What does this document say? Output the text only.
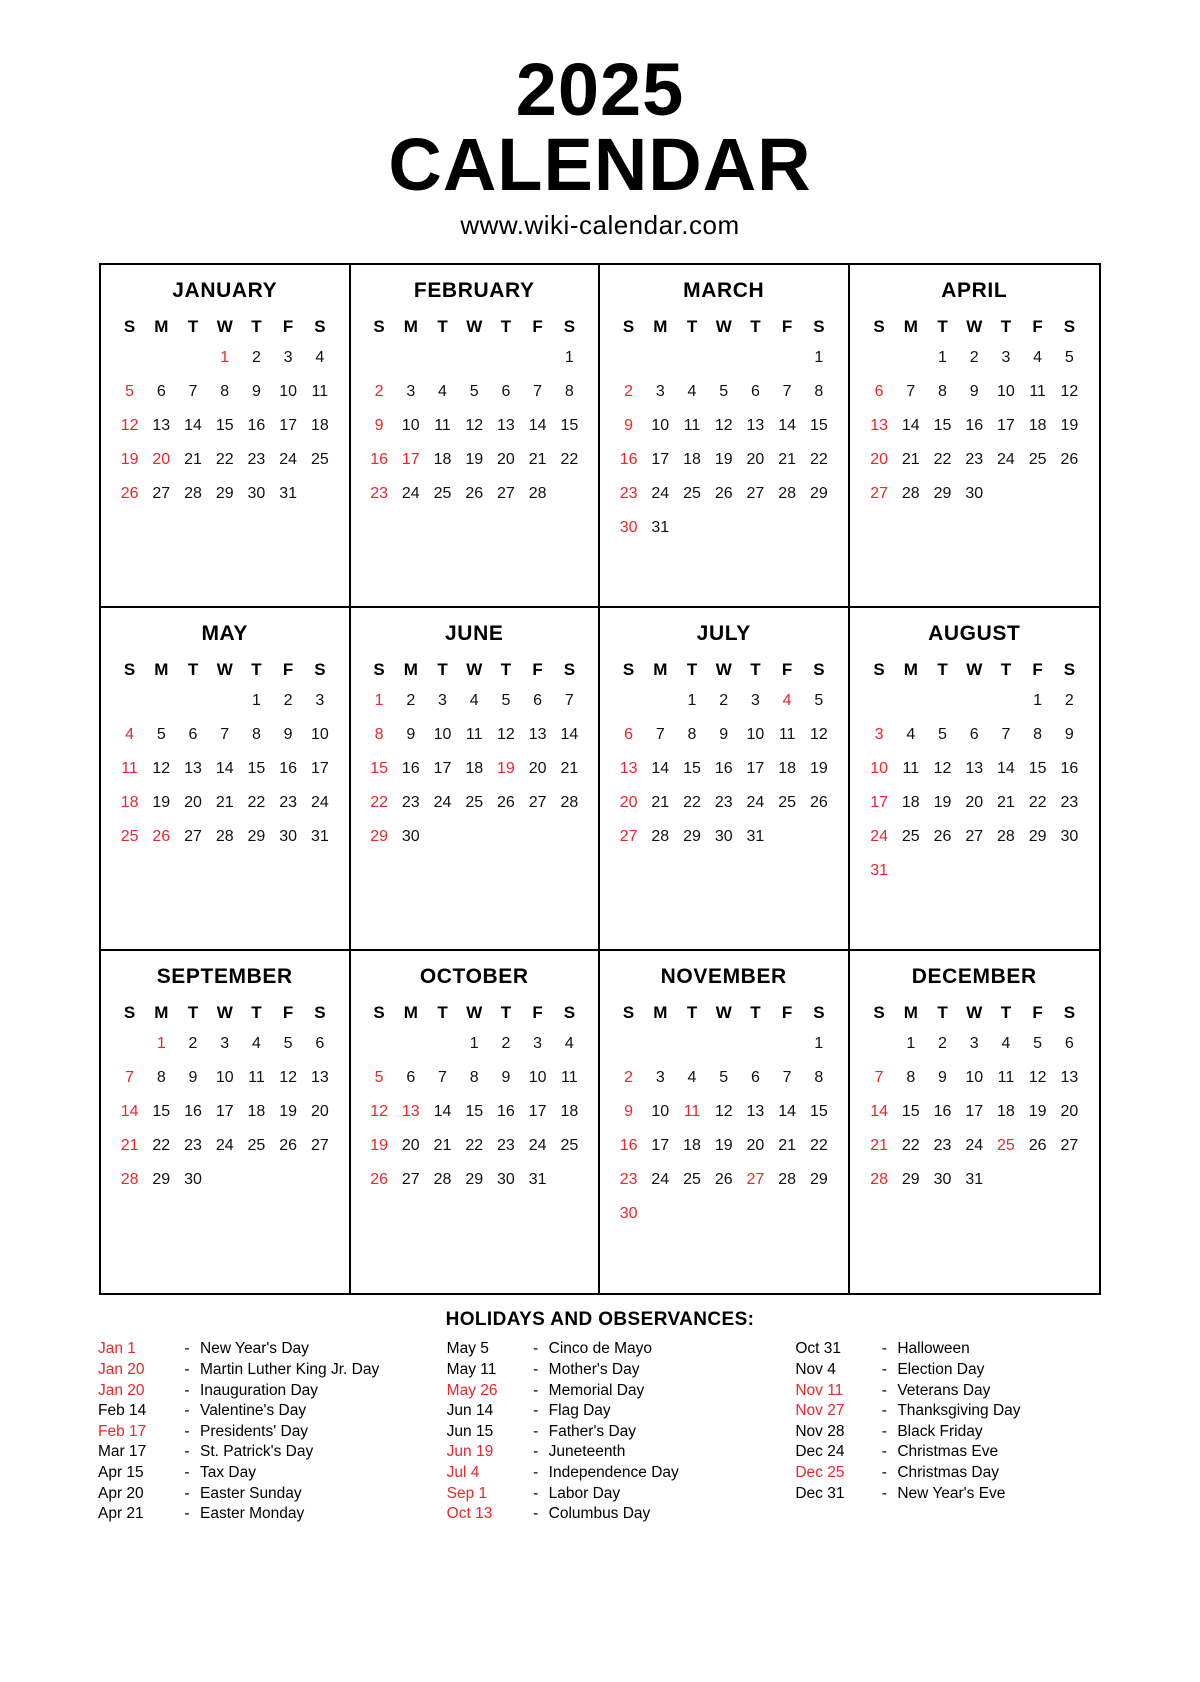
2025
CALENDAR
www.wiki-calendar.com
JANUARY
S	M	T	W	T	F	S
			1	2	3	4
5	6	7	8	9	10	11
12	13	14	15	16	17	18
19	20	21	22	23	24	25
26	27	28	29	30	31	
FEBRUARY
S	M	T	W	T	F	S
						1
2	3	4	5	6	7	8
9	10	11	12	13	14	15
16	17	18	19	20	21	22
23	24	25	26	27	28	
MARCH
S	M	T	W	T	F	S
						1
2	3	4	5	6	7	8
9	10	11	12	13	14	15
16	17	18	19	20	21	22
23	24	25	26	27	28	29
30	31					
APRIL
S	M	T	W	T	F	S
		1	2	3	4	5
6	7	8	9	10	11	12
13	14	15	16	17	18	19
20	21	22	23	24	25	26
27	28	29	30			
MAY
S	M	T	W	T	F	S
				1	2	3
4	5	6	7	8	9	10
11	12	13	14	15	16	17
18	19	20	21	22	23	24
25	26	27	28	29	30	31
JUNE
S	M	T	W	T	F	S
1	2	3	4	5	6	7
8	9	10	11	12	13	14
15	16	17	18	19	20	21
22	23	24	25	26	27	28
29	30					
JULY
S	M	T	W	T	F	S
		1	2	3	4	5
6	7	8	9	10	11	12
13	14	15	16	17	18	19
20	21	22	23	24	25	26
27	28	29	30	31		
AUGUST
S	M	T	W	T	F	S
					1	2
3	4	5	6	7	8	9
10	11	12	13	14	15	16
17	18	19	20	21	22	23
24	25	26	27	28	29	30
31						
SEPTEMBER
S	M	T	W	T	F	S
	1	2	3	4	5	6
7	8	9	10	11	12	13
14	15	16	17	18	19	20
21	22	23	24	25	26	27
28	29	30				
OCTOBER
S	M	T	W	T	F	S
			1	2	3	4
5	6	7	8	9	10	11
12	13	14	15	16	17	18
19	20	21	22	23	24	25
26	27	28	29	30	31	
NOVEMBER
S	M	T	W	T	F	S
						1
2	3	4	5	6	7	8
9	10	11	12	13	14	15
16	17	18	19	20	21	22
23	24	25	26	27	28	29
30						
DECEMBER
S	M	T	W	T	F	S
	1	2	3	4	5	6
7	8	9	10	11	12	13
14	15	16	17	18	19	20
21	22	23	24	25	26	27
28	29	30	31			
HOLIDAYS AND OBSERVANCES:
Jan 1	- New Year's Day
Jan 20	- Martin Luther King Jr. Day
Jan 20	- Inauguration Day
Feb 14	- Valentine's Day
Feb 17	- Presidents' Day
Mar 17	- St. Patrick's Day
Apr 15	- Tax Day
Apr 20	- Easter Sunday
Apr 21	- Easter Monday
May 5	- Cinco de Mayo
May 11	- Mother's Day
May 26	- Memorial Day
Jun 14	- Flag Day
Jun 15	- Father's Day
Jun 19	- Juneteenth
Jul 4	- Independence Day
Sep 1	- Labor Day
Oct 13	- Columbus Day
Oct 31	- Halloween
Nov 4	- Election Day
Nov 11	- Veterans Day
Nov 27	- Thanksgiving Day
Nov 28	- Black Friday
Dec 24	- Christmas Eve
Dec 25	- Christmas Day
Dec 31	- New Year's Eve
